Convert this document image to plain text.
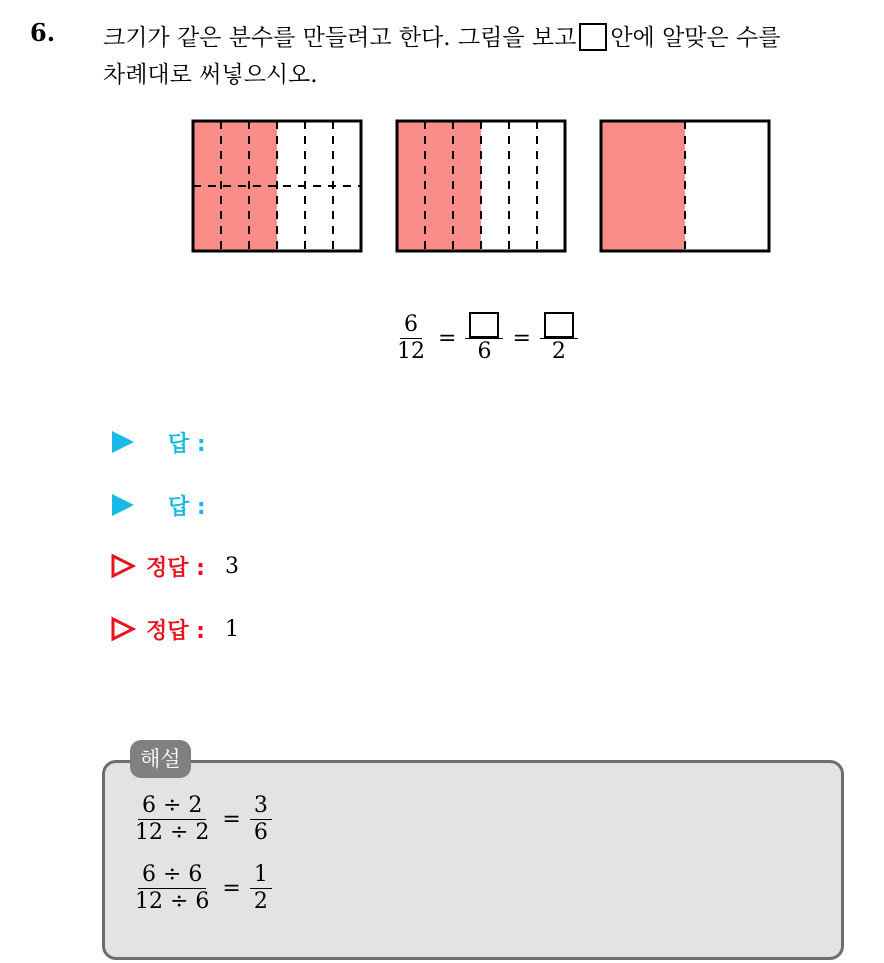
6. 크기가 같은 분수를 만들려고 한다. 그림을 보고 안에 알맞은 수를
차례대로 써넣으시오.
$\frac{6}{12}$ =
6
=
2
답 :
답 :
정답 : 3
정답 : 1
해설
$\frac{6 \div 2}{12 \div 2} = \frac{3}{6}$
$\frac{6 \div 6}{12 \div 6} = \frac{1}{2}$
